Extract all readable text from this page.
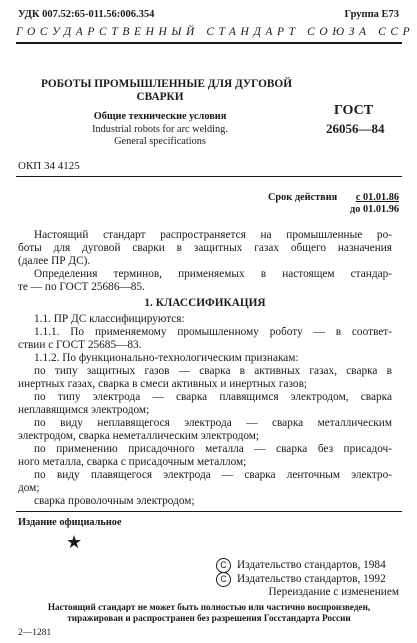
УДК 007.52:65-011.56:006.354	Группа Е73
ГОСУДАРСТВЕННЫЙ СТАНДАРТ СОЮЗА ССР
РОБОТЫ ПРОМЫШЛЕННЫЕ ДЛЯ ДУГОВОЙ
СВАРКИ
Общие технические условия
Industrial robots for arc welding.
General specifications
ГОСТ
26056—84
ОКП 34 4125
Срок действия с 01.01.86
до 01.01.96
Настоящий стандарт распространяется на промышленные ро-
боты для дуговой сварки в защитных газах общего назначения
(далее ПР ДС).
Определения терминов, применяемых в настоящем стандар-
те — по ГОСТ 25686—85.
1. КЛАССИФИКАЦИЯ
1.1. ПР ДС классифицируются:
1.1.1. По применяемому промышленному роботу — в соответ-
ствии с ГОСТ 25685—83.
1.1.2. По функционально-технологическим признакам:
по типу защитных газов — сварка в активных газах, сварка в
инертных газах, сварка в смеси активных и инертных газов;
по типу электрода — сварка плавящимся электродом, сварка
неплавящимся электродом;
по виду неплавящегося электрода — сварка металлическим
электродом, сварка неметаллическим электродом;
по применению присадочного металла — сварка без присадоч-
ного металла, сварка с присадочным металлом;
по виду плавящегося электрода — сварка ленточным электро-
дом;
сварка проволочным электродом;
Издание официальное
★
C Издательство стандартов, 1984
C Издательство стандартов, 1992
Переиздание с изменением
Настоящий стандарт не может быть полностью или частично воспроизведен,
тиражирован и распространен без разрешения Госстандарта России
2—1281
